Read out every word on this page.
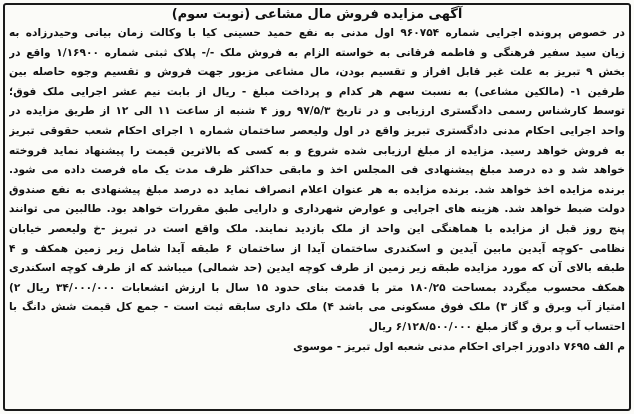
آگهی مزایده فروش مال مشاعی (نوبت سوم)
در خصوص پرونده اجرایی شماره ۹۶۰۷۵۴ اول مدنی به نفع حمید حسینی کیا با وکالت زمان بیانی وحیدرزاده به
زیان سید سفیر فرهنگی و فاطمه فرقانی به خواسته الزام به فروش ملک -/- پلاک ثبتی شماره ۱/۱۶۹۰۰ واقع در
بخش ۹ تبریز به علت غیر قابل افراز و تقسیم بودن، مال مشاعی مزبور جهت فروش و تقسیم وجوه حاصله بین
طرفین ۱- (مالکین مشاعی) به نسبت سهم هر کدام و پرداخت مبلغ - ریال از بابت نیم عشر اجرایی ملک فوق؛
توسط کارشناس رسمی دادگستری ارزیابی و در تاریخ ۹۷/۵/۳ روز ۴ شنبه از ساعت ۱۱ الی ۱۲ از طریق مزایده در
واحد اجرایی احکام مدنی دادگستری تبریز واقع در اول ولیعصر ساختمان شماره ۱ اجرای احکام شعب حقوقی تبریز
به فروش خواهد رسید. مزایده از مبلغ ارزیابی شده شروع و به کسی که بالاترین قیمت را پیشنهاد نماید فروخته
خواهد شد و ده درصد مبلغ پیشنهادی فی المجلس اخذ و مابقی حداکثر ظرف مدت یک ماه فرصت داده می شود.
برنده مزایده اخذ خواهد شد. برنده مزایده به هر عنوان اعلام انصراف نماید ده درصد مبلغ پیشنهادی به نفع صندوق
دولت ضبط خواهد شد. هزینه های اجرایی و عوارض شهرداری و دارایی طبق مقررات خواهد بود. طالبین می توانند
پنج روز قبل از مزایده با هماهنگی این واحد از ملک بازدید نمایند. ملک واقع است در تبریز -خ ولیعصر خیابان
نظامی -کوچه آیدین مابین آیدین و اسکندری ساختمان آیدا از ساختمان ۶ طبقه آیدا شامل زیر زمین همکف و ۴
طبقه بالای آن که مورد مزایده طبقه زیر زمین از طرف کوچه ایدین (حد شمالی) میباشد که از طرف کوچه اسکندری
همکف محسوب میگردد بمساحت ۱۸۰/۲۵ متر با قدمت بنای حدود ۱۵ سال با ارزش انشعابات ۳۴/۰۰۰/۰۰۰ ریال ۲)
امتیاز آب وبرق و گاز ۳) ملک فوق مسکونی می باشد ۴) ملک داری سابقه ثبت است - جمع کل قیمت شش دانگ با
احتساب آب و برق و گاز مبلغ ۶/۱۲۸/۵۰۰/۰۰۰ ریال
م الف ۷۶۹۵ دادورز اجرای احکام مدنی شعبه اول تبریز - موسوی
